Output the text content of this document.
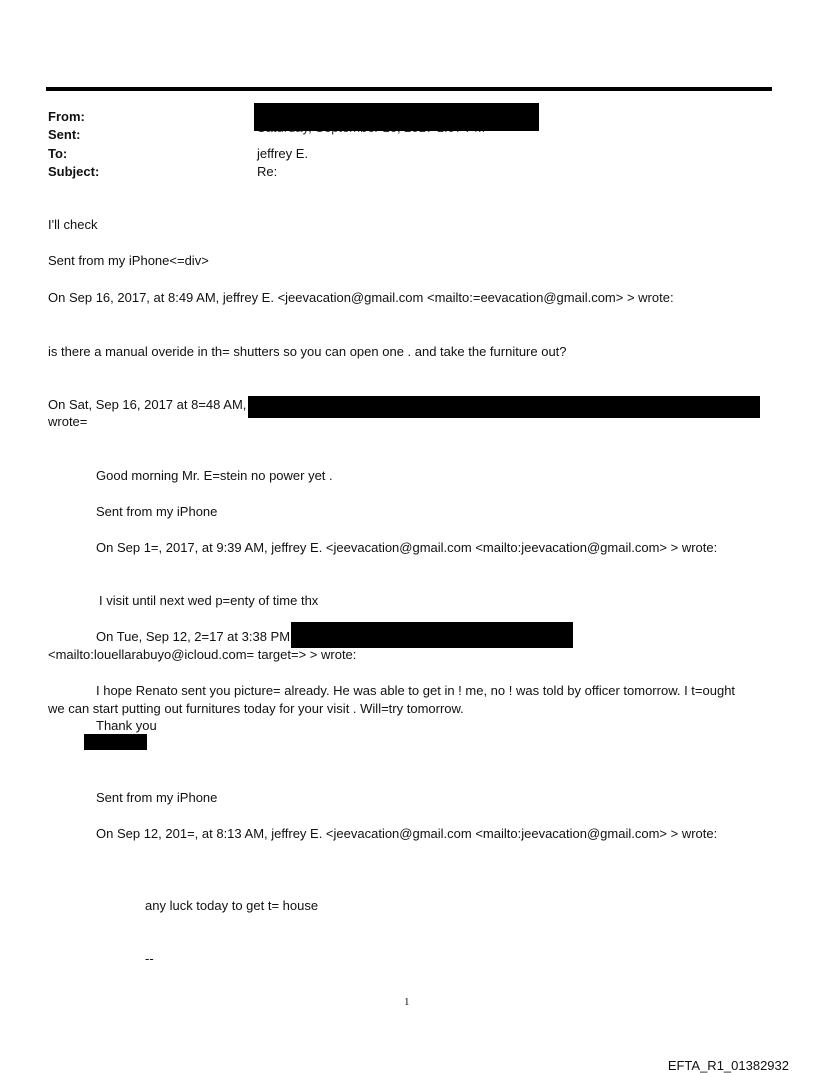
From:
Sent:
To:
Subject:
jeffrey E.
Re:
I'll check
Sent from my iPhone<=div>
On Sep 16, 2017, at 8:49 AM, jeffrey E. <jeevacation@gmail.com <mailto:=eevacation@gmail.com> > wrote:
is there a manual overide in th= shutters so you can open one . and take the furniture out?
On Sat, Sep 16, 2017 at 8=48 AM,
wrote=
Good morning Mr. E=stein no power yet .
Sent from my iPhone
On Sep 1=, 2017, at 9:39 AM, jeffrey E. <jeevacation@gmail.com <mailto:jeevacation@gmail.com> > wrote:
I visit until next wed p=enty of time thx
On Tue, Sep 12, 2=17 at 3:38 PM
<mailto:louellarabuyo@icloud.com= target=> > wrote:
I hope Renato sent you picture= already. He was able to get in ! me, no ! was told by officer tomorrow. I t=ought
we can start putting out furnitures today for your visit . Will=try tomorrow.
Thank you
Sent from my iPhone
On Sep 12, 201=, at 8:13 AM, jeffrey E. <jeevacation@gmail.com <mailto:jeevacation@gmail.com> > wrote:
any luck today to get t= house
--
1
EFTA_R1_01382932
